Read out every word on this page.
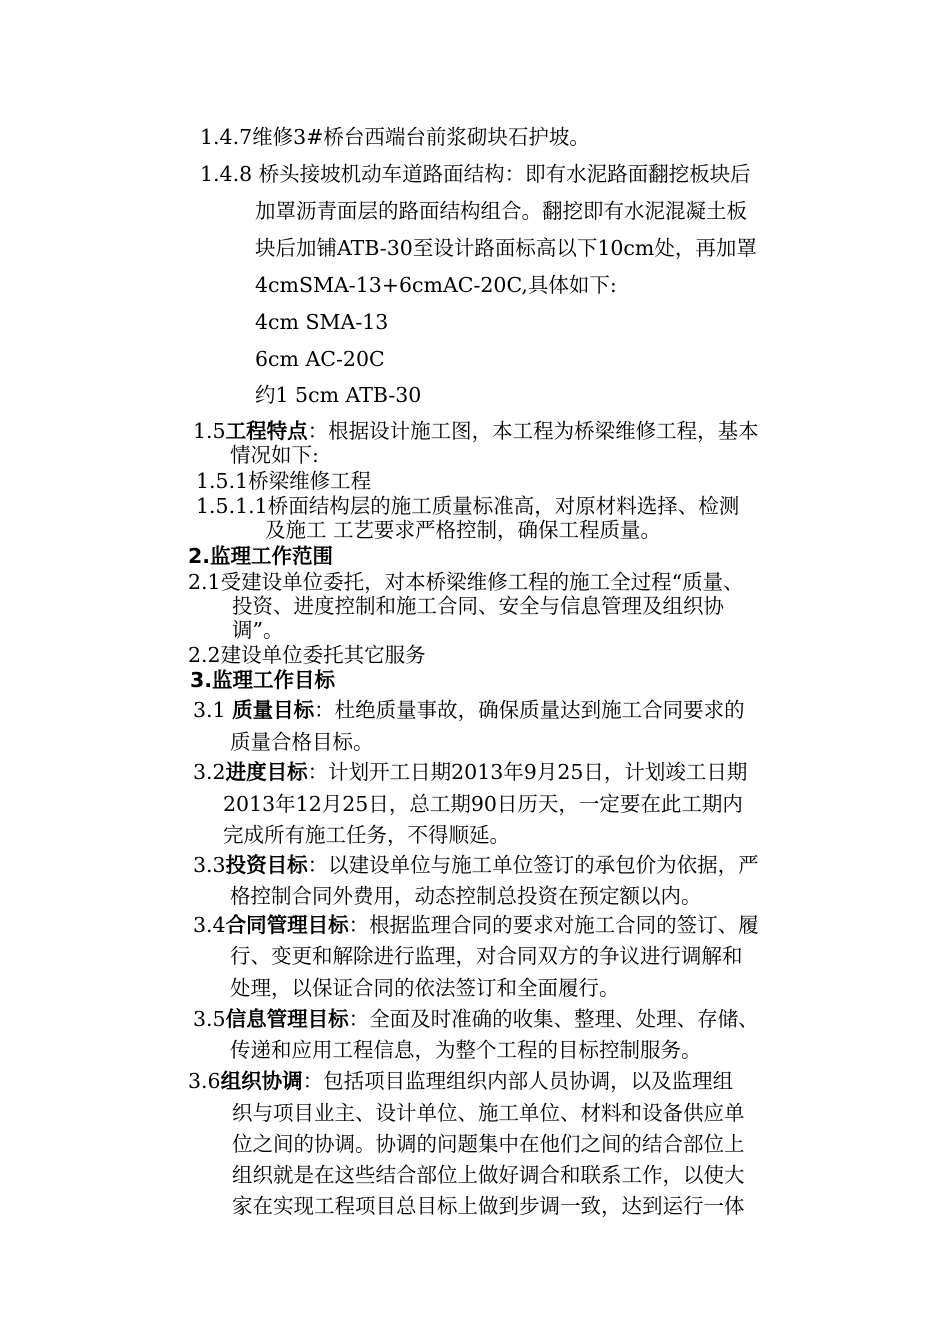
1.4.7维修3#桥台西端台前浆砌块石护坡。
1.4.8 桥头接坡机动车道路面结构：即有水泥路面翻挖板块后
加罩沥青面层的路面结构组合。翻挖即有水泥混凝土板
块后加铺ATB-30至设计路面标高以下10cm处，再加罩
4cmSMA-13+6cmAC-20C,具体如下:
4cm SMA-13
6cm AC-20C
约1 5cm ATB-30
1.5工程特点：根据设计施工图，本工程为桥梁维修工程，基本
情况如下:
1.5.1桥梁维修工程
1.5.1.1桥面结构层的施工质量标准高，对原材料选择、检测
及施工 工艺要求严格控制，确保工程质量。
2.监理工作范围
2.1受建设单位委托，对本桥梁维修工程的施工全过程“质量、
投资、进度控制和施工合同、安全与信息管理及组织协
调”。
2.2建设单位委托其它服务
3.监理工作目标
3.1 质量目标：杜绝质量事故，确保质量达到施工合同要求的
质量合格目标。
3.2进度目标：计划开工日期2013年9月25日，计划竣工日期
2013年12月25日，总工期90日历天，一定要在此工期内
完成所有施工任务，不得顺延。
3.3投资目标：以建设单位与施工单位签订的承包价为依据，严
格控制合同外费用，动态控制总投资在预定额以内。
3.4合同管理目标：根据监理合同的要求对施工合同的签订、履
行、变更和解除进行监理，对合同双方的争议进行调解和
处理，以保证合同的依法签订和全面履行。
3.5信息管理目标：全面及时准确的收集、整理、处理、存储、
传递和应用工程信息，为整个工程的目标控制服务。
3.6组织协调：包括项目监理组织内部人员协调，以及监理组
织与项目业主、设计单位、施工单位、材料和设备供应单
位之间的协调。协调的问题集中在他们之间的结合部位上
组织就是在这些结合部位上做好调合和联系工作，以使大
家在实现工程项目总目标上做到步调一致，达到运行一体
